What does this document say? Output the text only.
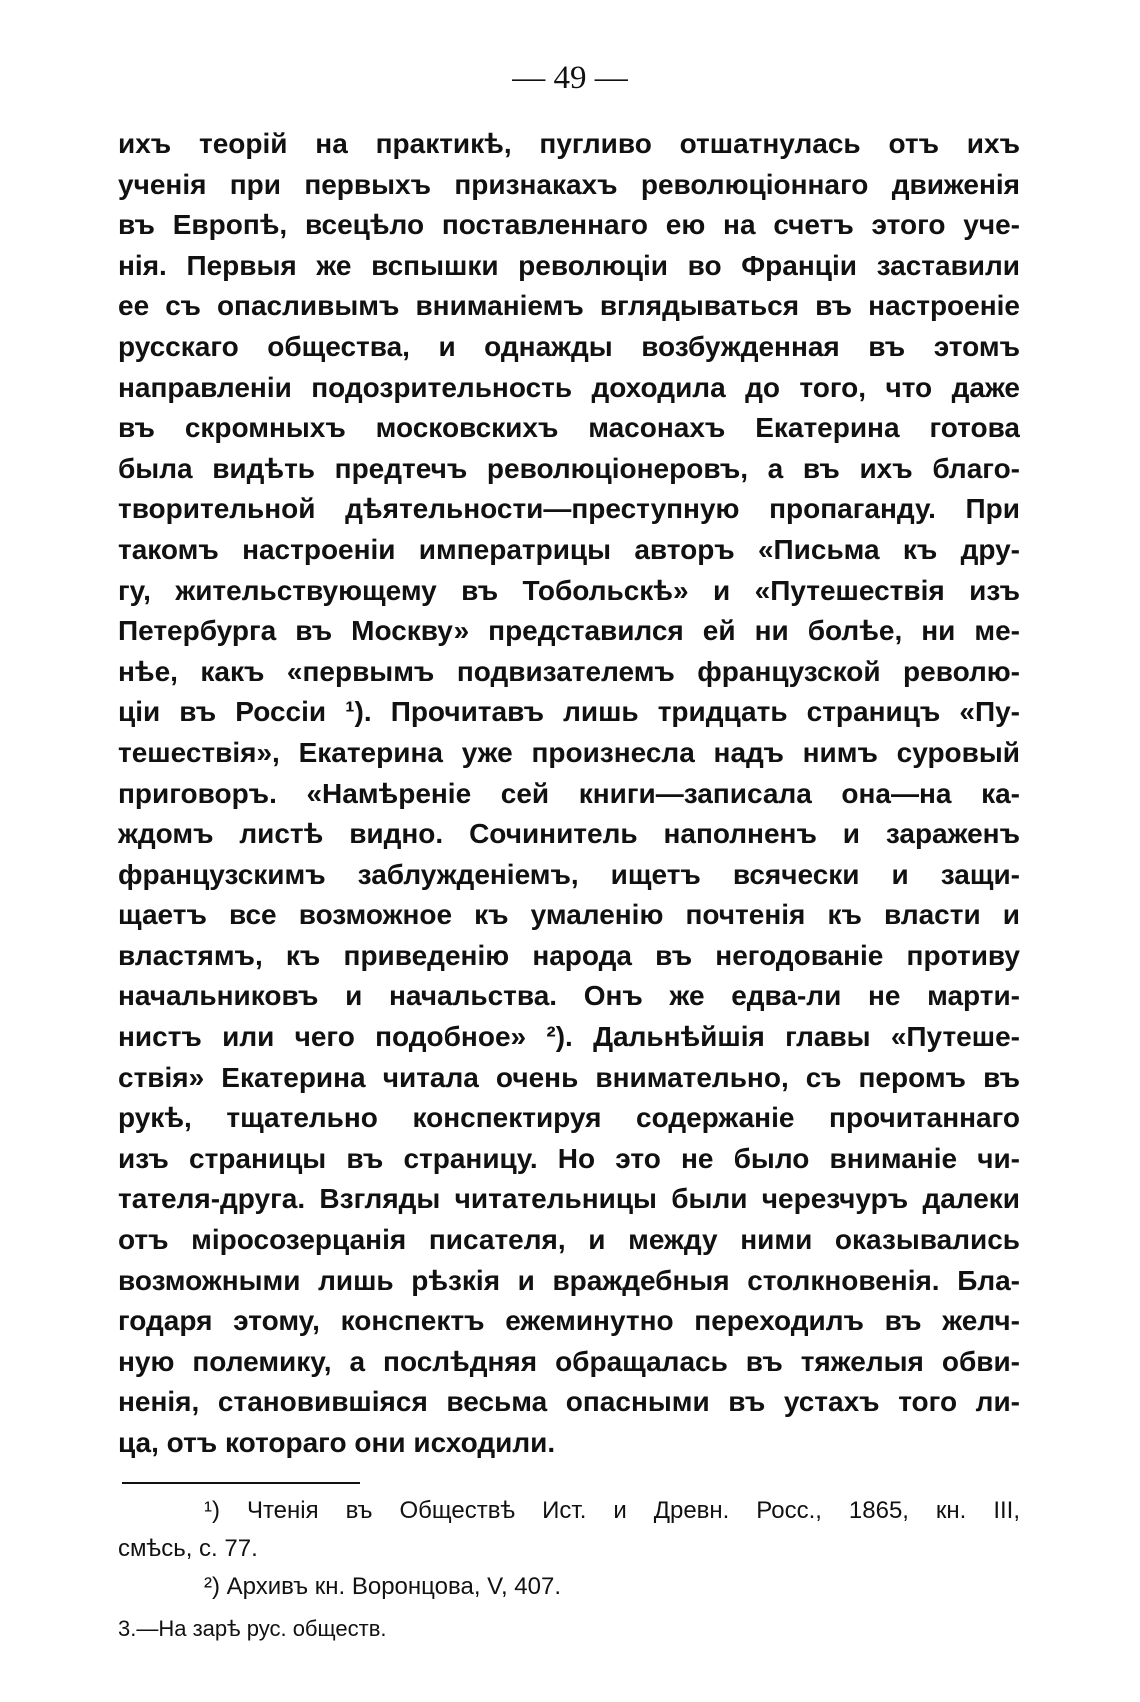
— 49 —
ихъ теорій на практикѣ, пугливо отшатнулась отъ ихъ
ученія при первыхъ признакахъ революціоннаго движенія
въ Европѣ, всецѣло поставленнаго ею на счетъ этого уче-
нія. Первыя же вспышки революціи во Франціи заставили
ее съ опасливымъ вниманіемъ вглядываться въ настроеніе
русскаго общества, и однажды возбужденная въ этомъ
направленіи подозрительность доходила до того, что даже
въ скромныхъ московскихъ масонахъ Екатерина готова
была видѣть предтечъ революціонеровъ, а въ ихъ благо-
творительной дѣятельности—преступную пропаганду. При
такомъ настроеніи императрицы авторъ «Письма къ дру-
гу, жительствующему въ Тобольскѣ» и «Путешествія изъ
Петербурга въ Москву» представился ей ни болѣе, ни ме-
нѣе, какъ «первымъ подвизателемъ французской револю-
ціи въ Россіи ¹). Прочитавъ лишь тридцать страницъ «Пу-
тешествія», Екатерина уже произнесла надъ нимъ суровый
приговоръ. «Намѣреніе сей книги—записала она—на ка-
ждомъ листѣ видно. Сочинитель наполненъ и зараженъ
французскимъ заблужденіемъ, ищетъ всячески и защи-
щаетъ все возможное къ умаленію почтенія къ власти и
властямъ, къ приведенію народа въ негодованіе противу
начальниковъ и начальства. Онъ же едва-ли не марти-
нистъ или чего подобное» ²). Дальнѣйшія главы «Путеше-
ствія» Екатерина читала очень внимательно, съ перомъ въ
рукѣ, тщательно конспектируя содержаніе прочитаннаго
изъ страницы въ страницу. Но это не было вниманіе чи-
тателя-друга. Взгляды читательницы были черезчуръ далеки
отъ міросозерцанія писателя, и между ними оказывались
возможными лишь рѣзкія и враждебныя столкновенія. Бла-
годаря этому, конспектъ ежеминутно переходилъ въ желч-
ную полемику, а послѣдняя обращалась въ тяжелыя обви-
ненія, становившіяся весьма опасными въ устахъ того ли-
ца, отъ котораго они исходили.
¹) Чтенія въ Обществѣ Ист. и Древн. Росс., 1865, кн. III,
смѣсь, с. 77.
²) Архивъ кн. Воронцова, V, 407.
3.—На зарѣ рус. обществ.
